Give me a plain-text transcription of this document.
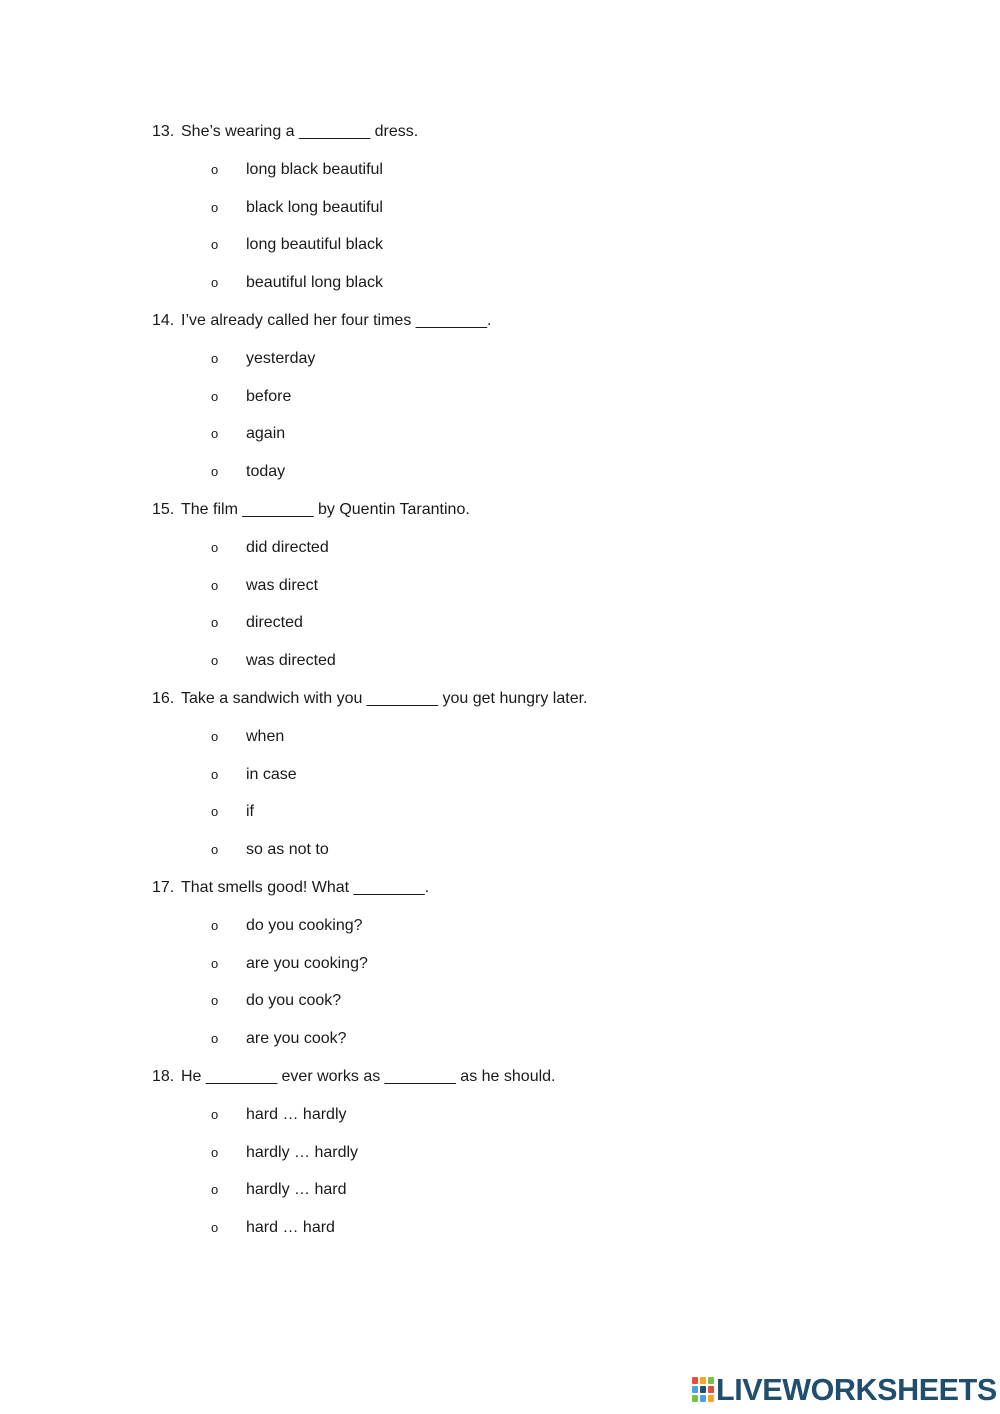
13. She’s wearing a ________ dress.
o long black beautiful
o black long beautiful
o long beautiful black
o beautiful long black
14. I’ve already called her four times ________.
o yesterday
o before
o again
o today
15. The film ________ by Quentin Tarantino.
o did directed
o was direct
o directed
o was directed
16. Take a sandwich with you ________ you get hungry later.
o when
o in case
o if
o so as not to
17. That smells good! What ________.
o do you cooking?
o are you cooking?
o do you cook?
o are you cook?
18. He ________ ever works as ________ as he should.
o hard … hardly
o hardly … hardly
o hardly … hard
o hard … hard
LIVEWORKSHEETS
